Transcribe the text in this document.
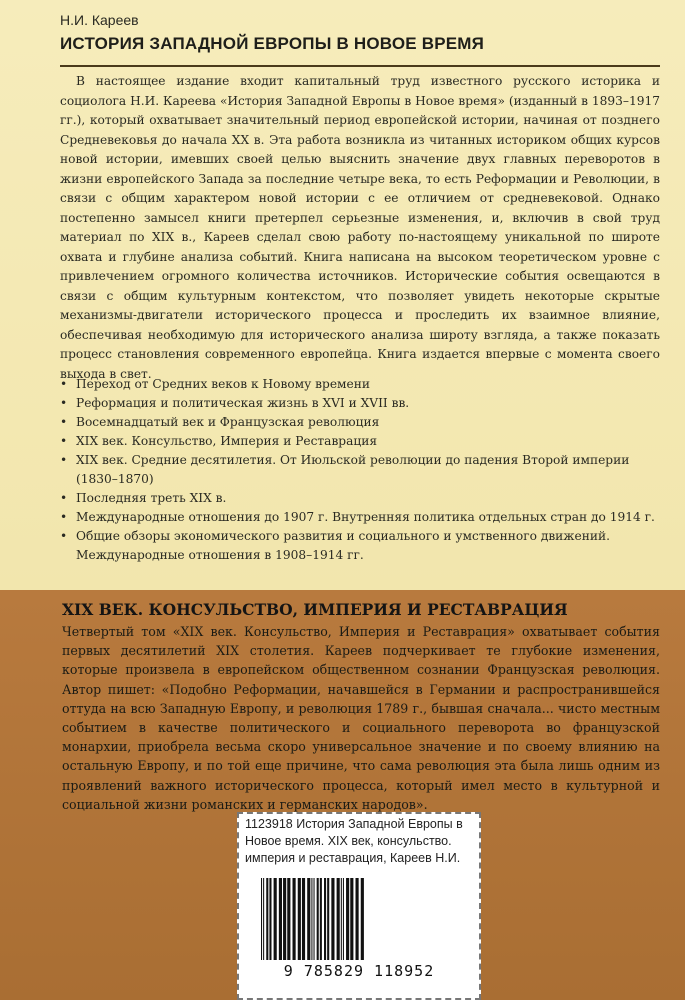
Н.И. Кареев
ИСТОРИЯ ЗАПАДНОЙ ЕВРОПЫ В НОВОЕ ВРЕМЯ

В настоящее издание входит капитальный труд известного русского историка и социолога Н.И. Кареева «История Западной Европы в Новое время» (изданный в 1893–1917 гг.), который охватывает значительный период европейской истории, начиная от позднего Средневековья до начала XX в. Эта работа возникла из читанных историком общих курсов новой истории, имевших своей целью выяснить значение двух главных переворотов в жизни европейского Запада за последние четыре века, то есть Реформации и Революции, в связи с общим характером новой истории с ее отличием от средневековой. Однако постепенно замысел книги претерпел серьезные изменения, и, включив в свой труд материал по XIX в., Кареев сделал свою работу по-настоящему уникальной по широте охвата и глубине анализа событий. Книга написана на высоком теоретическом уровне с привлечением огромного количества источников. Исторические события освещаются в связи с общим культурным контекстом, что позволяет увидеть некоторые скрытые механизмы-двигатели исторического процесса и проследить их взаимное влияние, обеспечивая необходимую для исторического анализа широту взгляда, а также показать процесс становления современного европейца. Книга издается впервые с момента своего выхода в свет.

• Переход от Средних веков к Новому времени
• Реформация и политическая жизнь в XVI и XVII вв.
• Восемнадцатый век и Французская революция
• XIX век. Консульство, Империя и Реставрация
• XIX век. Средние десятилетия. От Июльской революции до падения Второй империи (1830–1870)
• Последняя треть XIX в.
• Международные отношения до 1907 г. Внутренняя политика отдельных стран до 1914 г.
• Общие обзоры экономического развития и социального и умственного движений. Международные отношения в 1908–1914 гг.
XIX ВЕК. КОНСУЛЬСТВО, ИМПЕРИЯ И РЕСТАВРАЦИЯ

Четвертый том «XIX век. Консульство, Империя и Реставрация» охватывает события первых десятилетий XIX столетия. Кареев подчеркивает те глубокие изменения, которые произвела в европейском общественном сознании Французская революция. Автор пишет: «Подобно Реформации, начавшейся в Германии и распространившейся оттуда на всю Западную Европу, и революция 1789 г., бывшая сначала... чисто местным событием в качестве политического и социального переворота во французской монархии, приобрела весьма скоро универсальное значение и по своему влиянию на остальную Европу, и по той еще причине, что сама революция эта была лишь одним из проявлений важного исторического процесса, который имел место в культурной и социальной жизни романских и германских народов».

1123918 История Западной Европы в Новое время. XIX век, консульство. империя и реставрация, Кареев Н.И.
9 785829 118952
